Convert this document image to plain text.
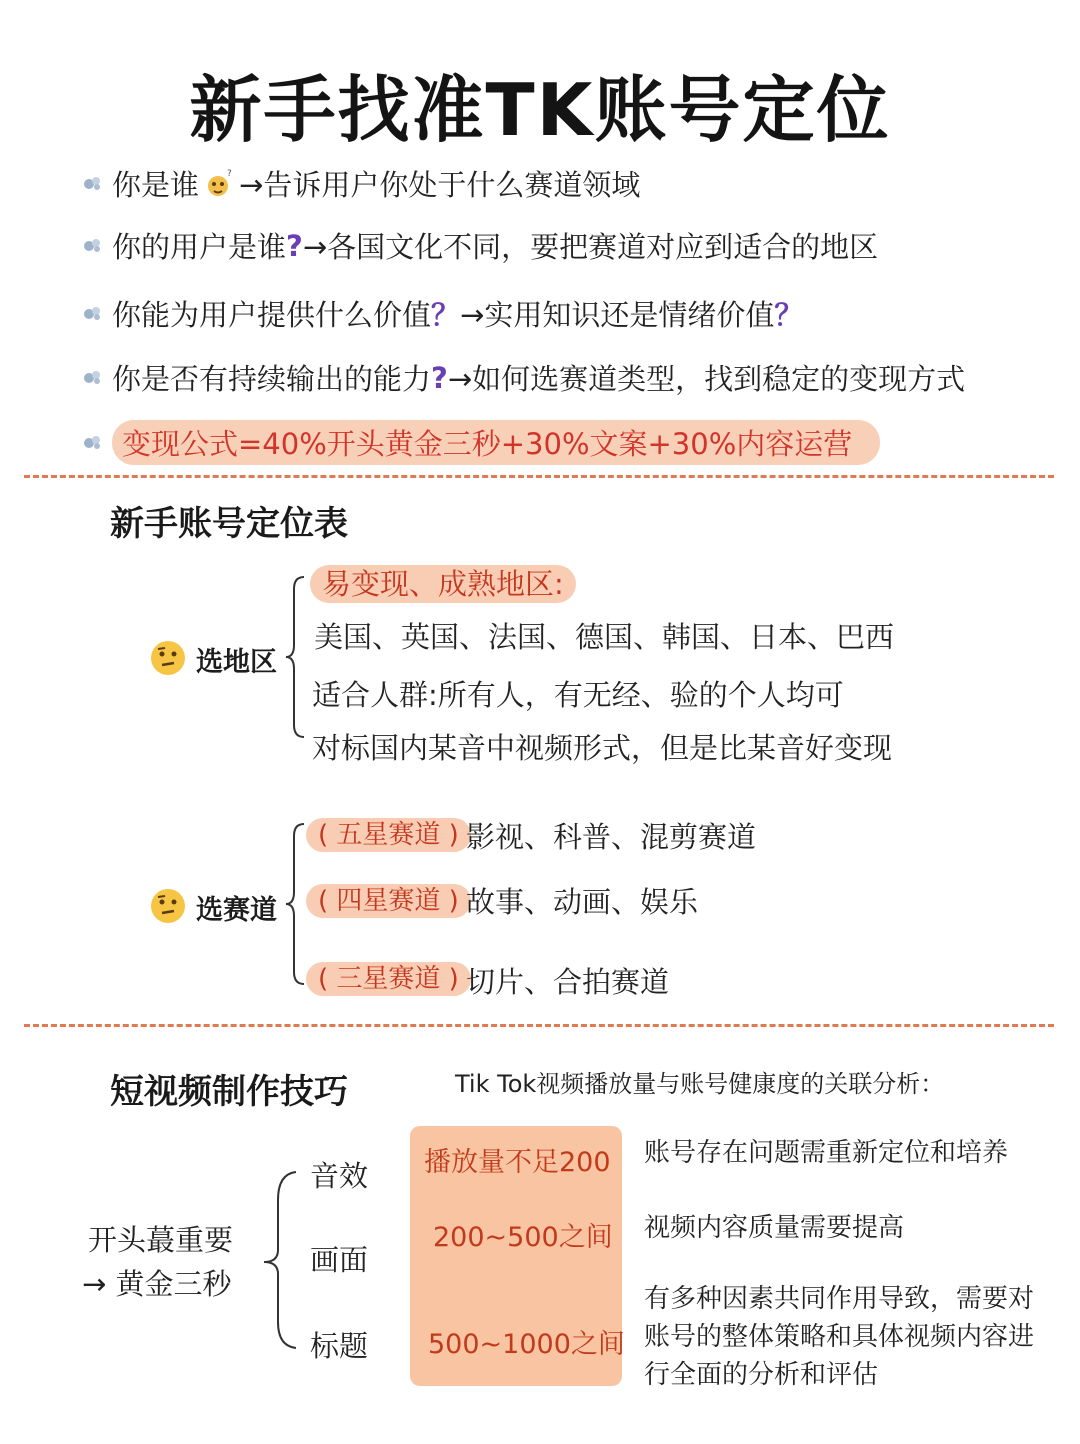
新手找准TK账号定位
你是谁	? →告诉用户你处于什么赛道领域
你的用户是谁 ? →各国文化不同，要把赛道对应到适合的地区
你能为用户提供什么价值 ？ →实用知识还是情绪价值 ？
你是否有持续输出的能力 ? →如何选赛道类型，找到稳定的变现方式
变现公式=40%开头黄金三秒+30%文案+30%内容运营
新手账号定位表
选地区
易变现、成熟地区:
美国、英国、法国、德国、韩国、日本、巴西
适合人群:所有人，有无经、验的个人均可
对标国内某音中视频形式，但是比某音好变现
选赛道
( 五星赛道 ) 影视、科普、混剪赛道
( 四星赛道 ) 故事、动画、娱乐
( 三星赛道 ) 切片、合拍赛道
短视频制作技巧	Tik Tok视频播放量与账号健康度的关联分析：
开头蕞重要
→ 黄金三秒
音效
画面
标题
播放量不足200
200~500之间
500~1000之间
账号存在问题需重新定位和培养
视频内容质量需要提高
有多种因素共同作用导致，需要对账号的整体策略和具体视频内容进行全面的分析和评估
